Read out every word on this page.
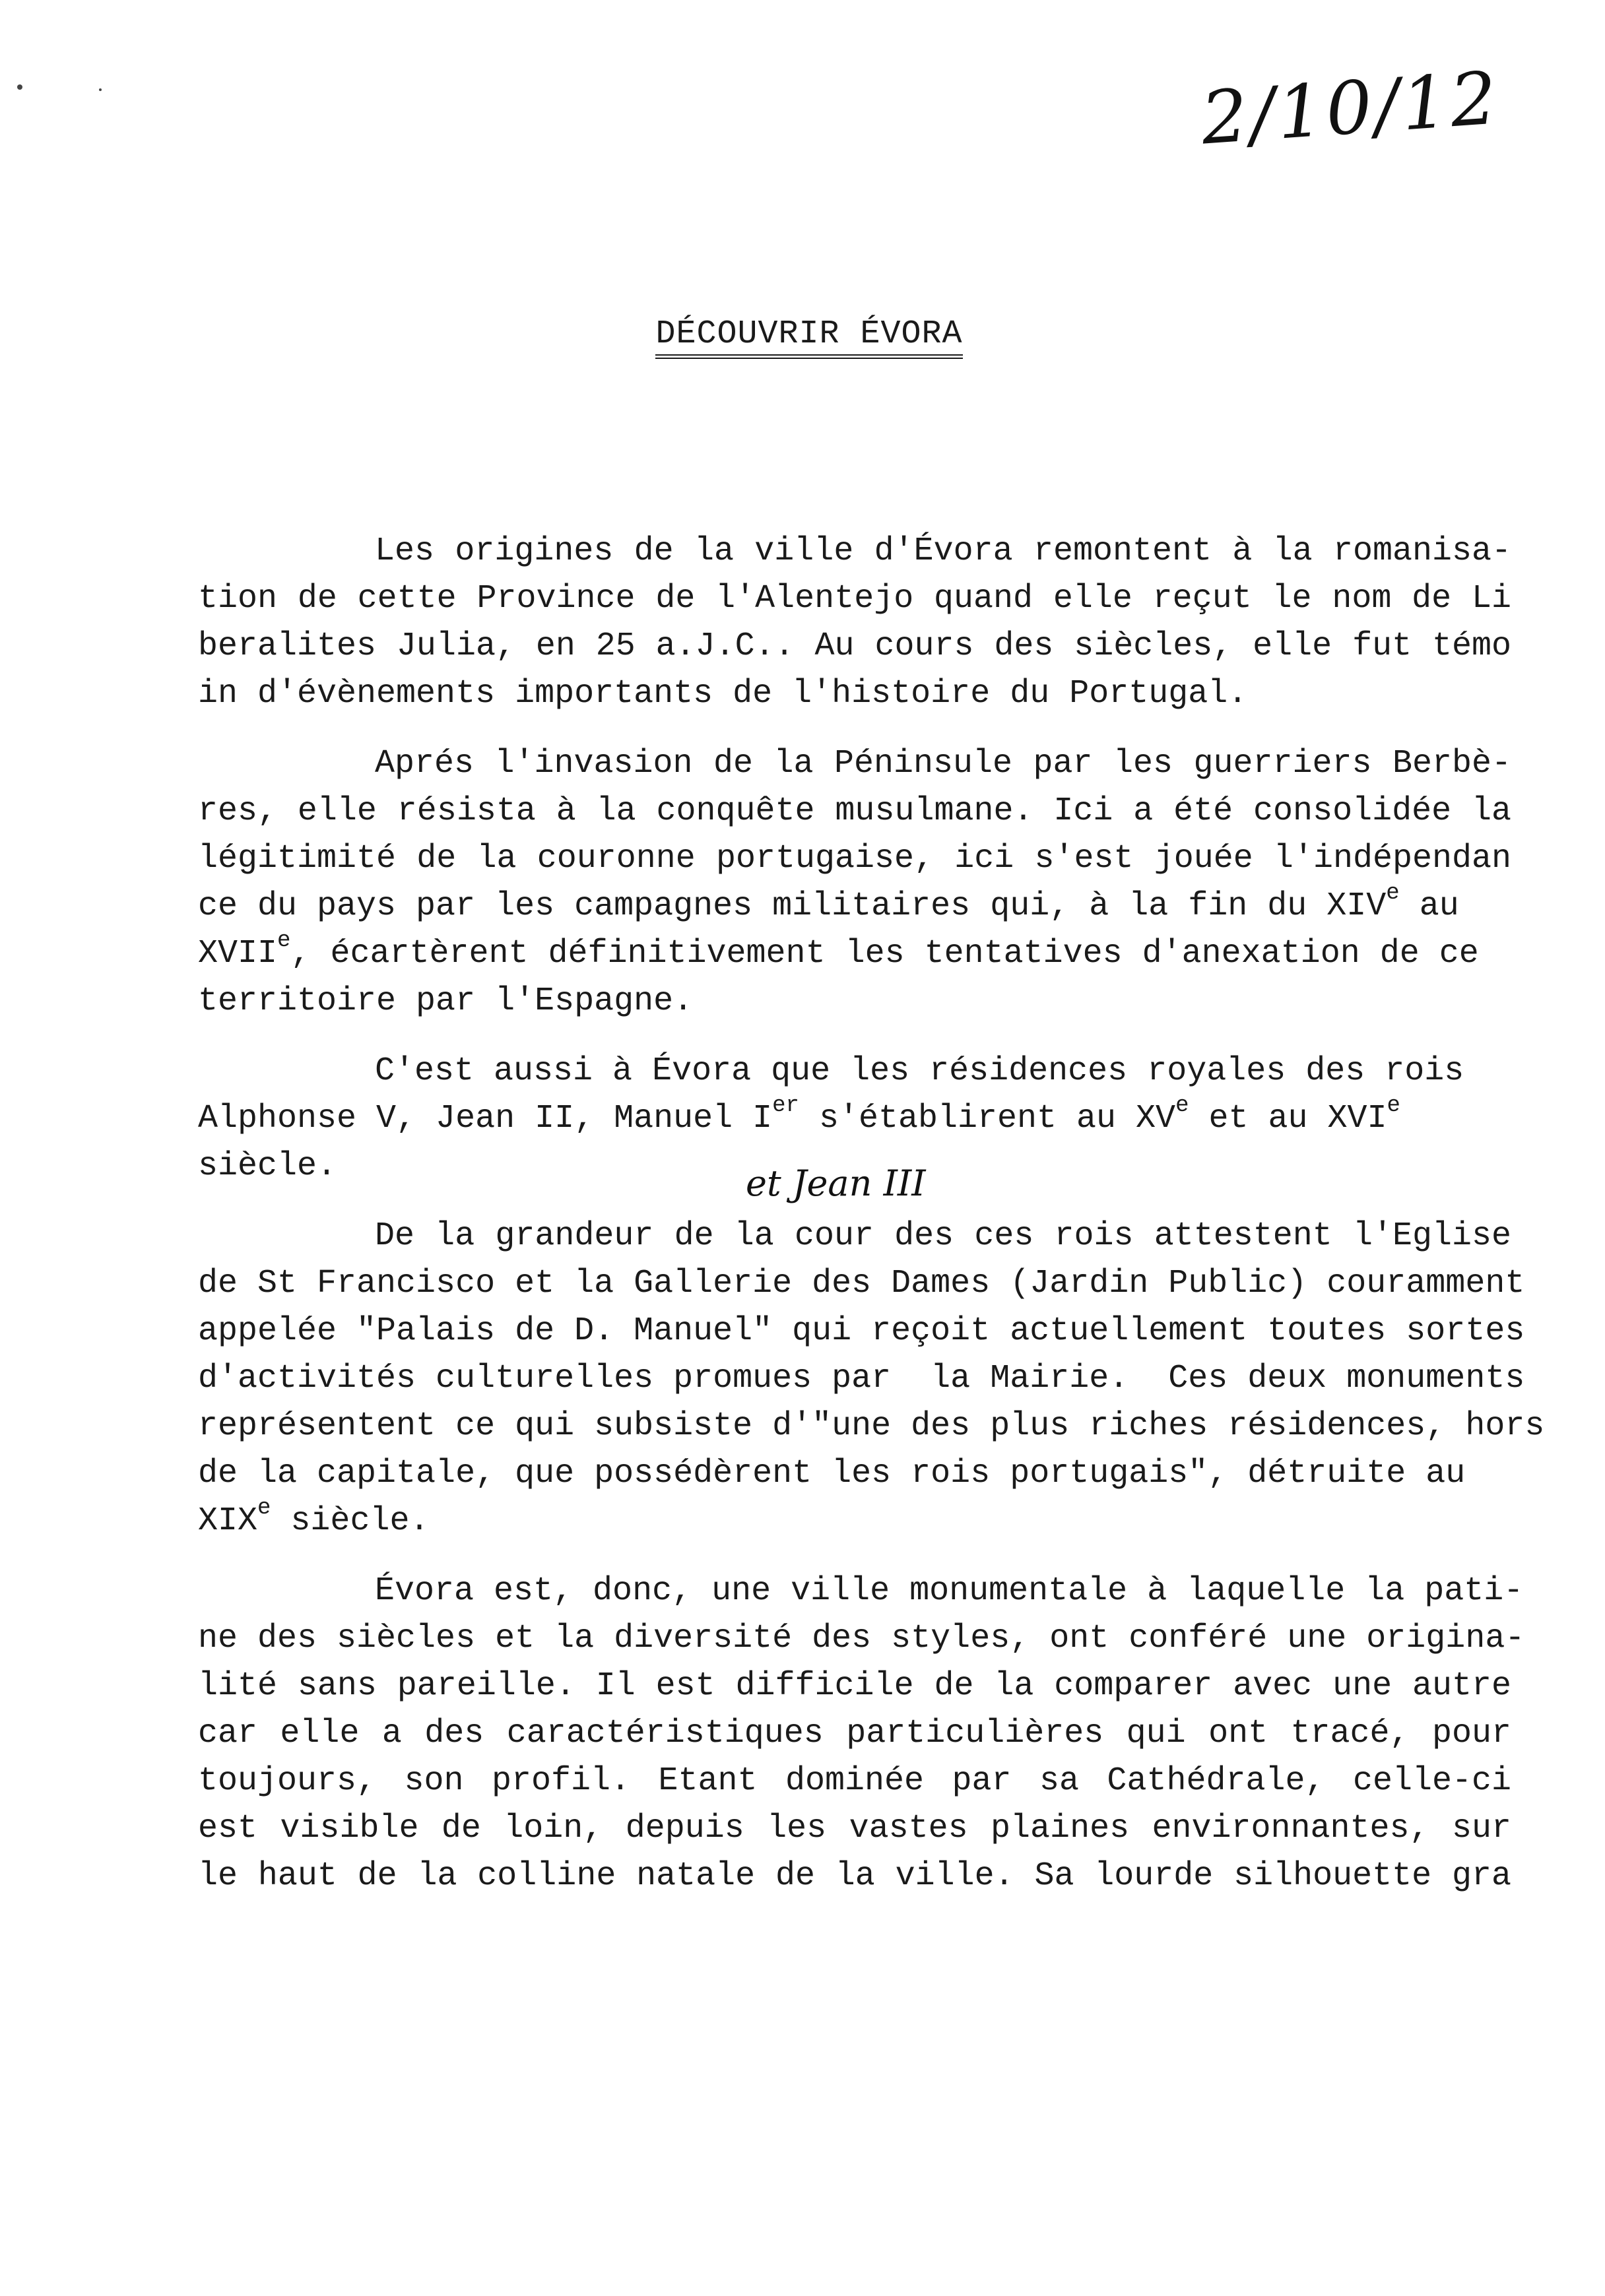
2/10/12
DÉCOUVRIR ÉVORA
Les origines de la ville d'Évora remontent à la romanisa-
tion de cette Province de l'Alentejo quand elle reçut le nom de Li
beralites Julia, en 25 a.J.C.. Au cours des siècles, elle fut témo
in d'évènements importants de l'histoire du Portugal.
Aprés l'invasion de la Péninsule par les guerriers Berbè-
res, elle résista à la conquête musulmane. Ici a été consolidée la
légitimité de la couronne portugaise, ici s'est jouée l'indépendan
ce du pays par les campagnes militaires qui, à la fin du XIVe au
XVIIe, écartèrent définitivement les tentatives d'anexation de ce
territoire par l'Espagne.
C'est aussi à Évora que les résidences royales des rois
Alphonse V, Jean II, Manuel Ier s'établirent au XVe et au XVIe
siècle.
De la grandeur de la cour des ces rois attestent l'Eglise
de St Francisco et la Gallerie des Dames (Jardin Public) couramment
appelée "Palais de D. Manuel" qui reçoit actuellement toutes sortes
d'activités culturelles promues par  la Mairie.  Ces deux monuments
représentent ce qui subsiste d'"une des plus riches résidences, hors
de la capitale, que possédèrent les rois portugais", détruite au
XIXe siècle.
Évora est, donc, une ville monumentale à laquelle la pati-
ne des siècles et la diversité des styles, ont conféré une origina-
lité sans pareille. Il est difficile de la comparer avec une autre
car elle a des caractéristiques particulières qui ont tracé, pour
toujours, son profil. Etant dominée par sa Cathédrale, celle-ci
est visible de loin, depuis les vastes plaines environnantes, sur
le haut de la colline natale de la ville. Sa lourde silhouette gra
et Jean III
